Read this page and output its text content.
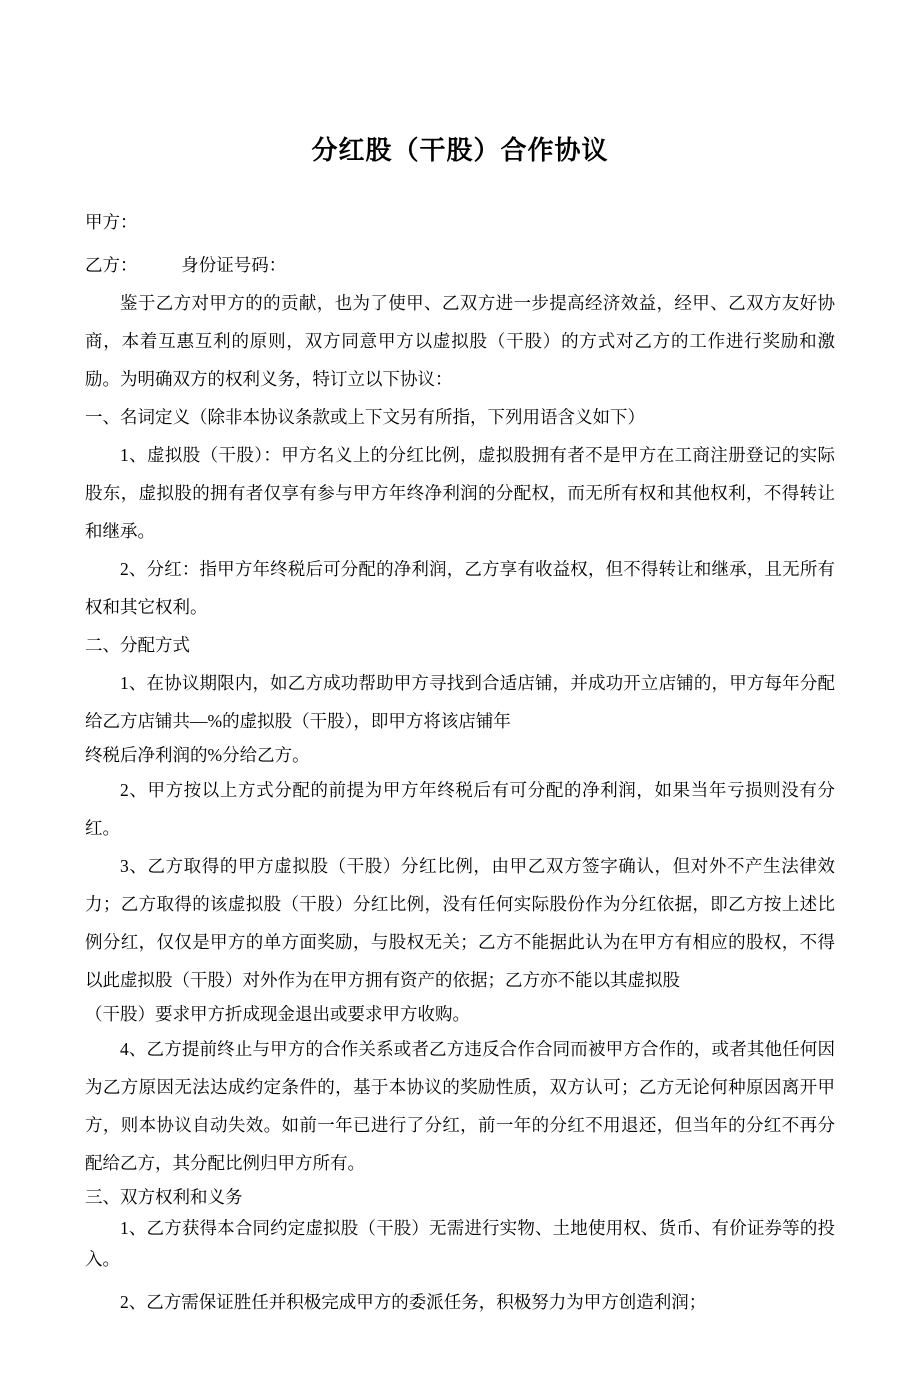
分红股（干股）合作协议

甲方：

乙方：　　　身份证号码：

鉴于乙方对甲方的的贡献，也为了使甲、乙双方进一步提高经济效益，经甲、乙双方友好协商，本着互惠互利的原则，双方同意甲方以虚拟股（干股）的方式对乙方的工作进行奖励和激励。为明确双方的权利义务，特订立以下协议：

一、名词定义（除非本协议条款或上下文另有所指，下列用语含义如下）

1、虚拟股（干股）：甲方名义上的分红比例，虚拟股拥有者不是甲方在工商注册登记的实际股东，虚拟股的拥有者仅享有参与甲方年终净利润的分配权，而无所有权和其他权利，不得转让和继承。

2、分红：指甲方年终税后可分配的净利润，乙方享有收益权，但不得转让和继承，且无所有权和其它权利。

二、分配方式

1、在协议期限内，如乙方成功帮助甲方寻找到合适店铺，并成功开立店铺的，甲方每年分配给乙方店铺共—%的虚拟股（干股），即甲方将该店铺年

终税后净利润的%分给乙方。

2、甲方按以上方式分配的前提为甲方年终税后有可分配的净利润，如果当年亏损则没有分红。

3、乙方取得的甲方虚拟股（干股）分红比例，由甲乙双方签字确认，但对外不产生法律效力；乙方取得的该虚拟股（干股）分红比例，没有任何实际股份作为分红依据，即乙方按上述比例分红，仅仅是甲方的单方面奖励，与股权无关；乙方不能据此认为在甲方有相应的股权，不得以此虚拟股（干股）对外作为在甲方拥有资产的依据；乙方亦不能以其虚拟股

（干股）要求甲方折成现金退出或要求甲方收购。

4、乙方提前终止与甲方的合作关系或者乙方违反合作合同而被甲方合作的，或者其他任何因为乙方原因无法达成约定条件的，基于本协议的奖励性质，双方认可；乙方无论何种原因离开甲方，则本协议自动失效。如前一年已进行了分红，前一年的分红不用退还，但当年的分红不再分配给乙方，其分配比例归甲方所有。

三、双方权利和义务

1、乙方获得本合同约定虚拟股（干股）无需进行实物、土地使用权、货币、有价证券等的投入。

2、乙方需保证胜任并积极完成甲方的委派任务，积极努力为甲方创造利润；
